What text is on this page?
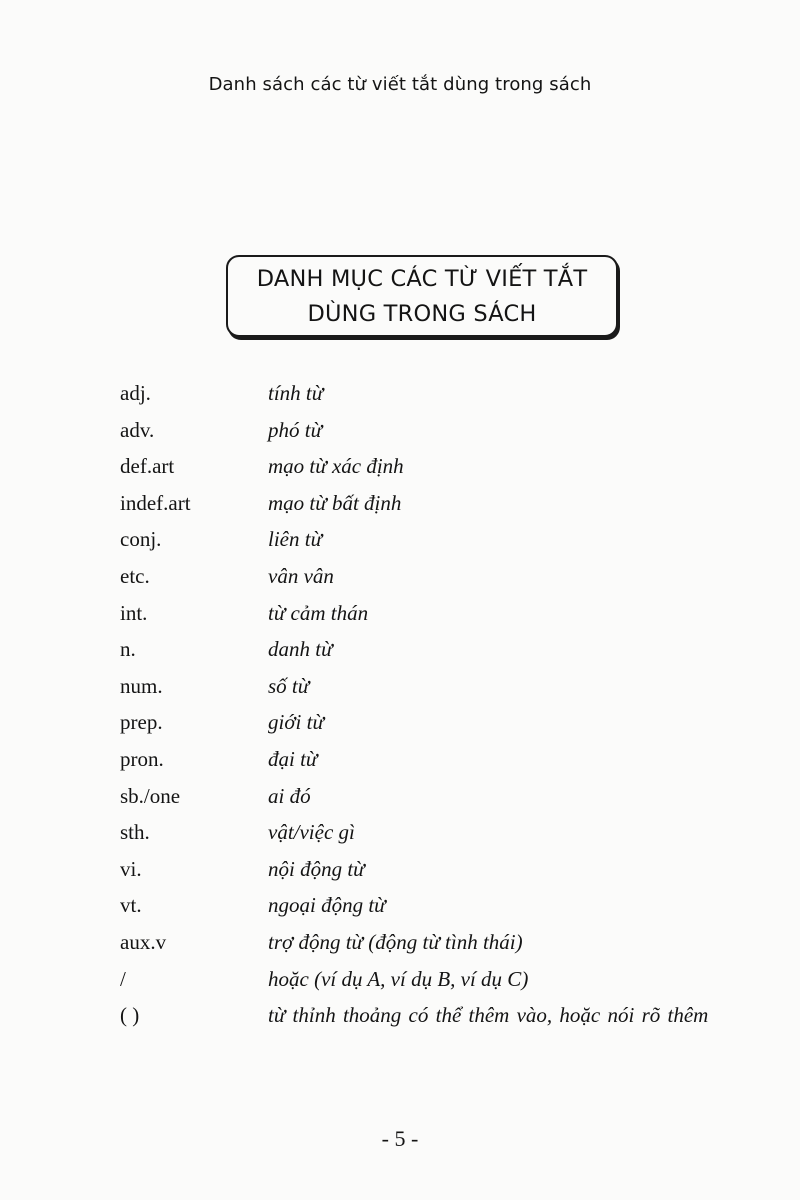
Danh sách các từ viết tắt dùng trong sách
DANH MỤC CÁC TỪ VIẾT TẮT
DÙNG TRONG SÁCH
adj.	tính từ
adv.	phó từ
def.art	mạo từ xác định
indef.art	mạo từ bất định
conj.	liên từ
etc.	vân vân
int.	từ cảm thán
n.	danh từ
num.	số từ
prep.	giới từ
pron.	đại từ
sb./one	ai đó
sth.	vật/việc gì
vi.	nội động từ
vt.	ngoại động từ
aux.v	trợ động từ (động từ tình thái)
/	hoặc (ví dụ A, ví dụ B, ví dụ C)
( )	từ thỉnh thoảng có thể thêm vào, hoặc nói rõ thêm
- 5 -
